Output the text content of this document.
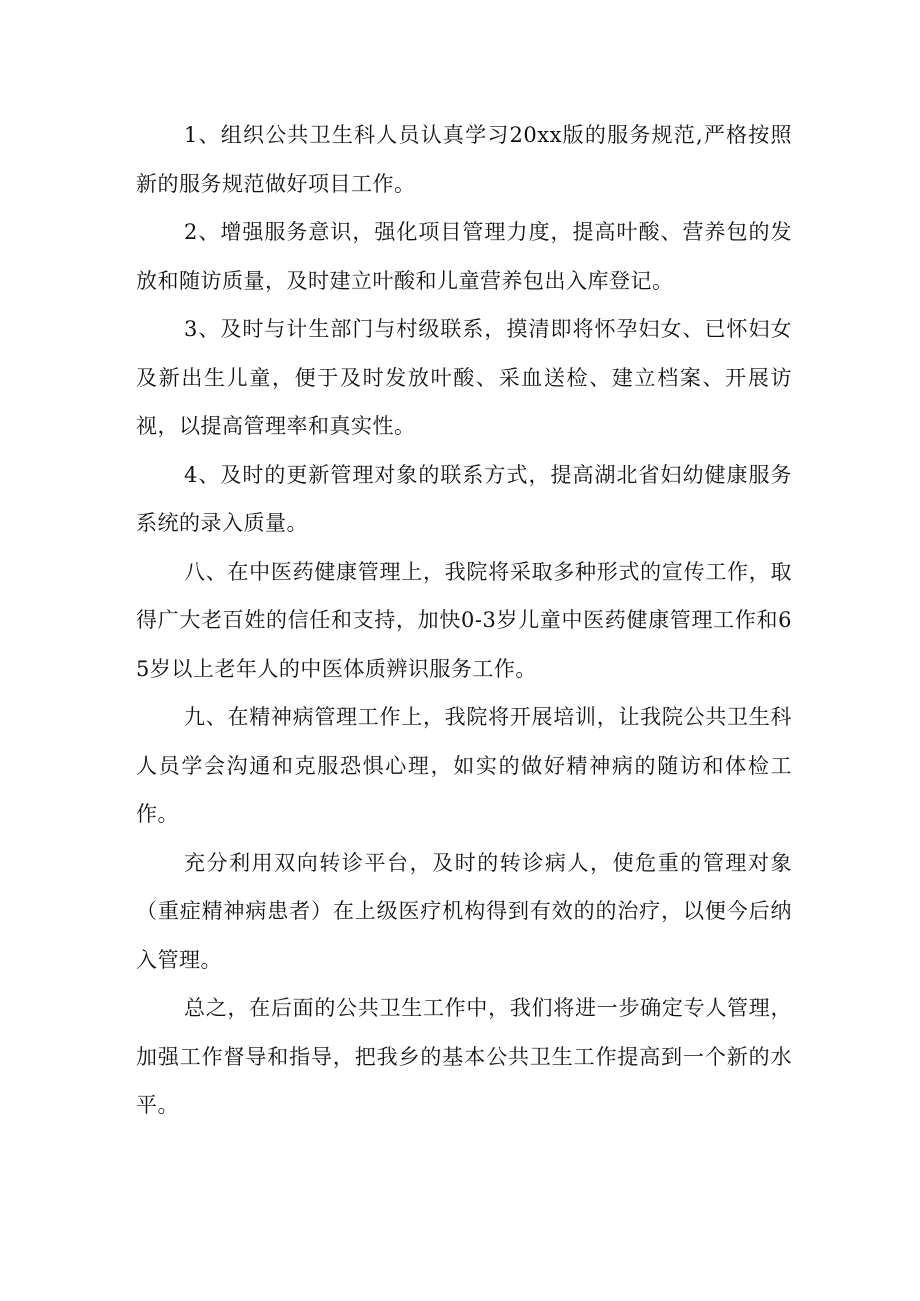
1、组织公共卫生科人员认真学习20xx版的服务规范,严格按照新的服务规范做好项目工作。

2、增强服务意识，强化项目管理力度，提高叶酸、营养包的发放和随访质量，及时建立叶酸和儿童营养包出入库登记。

3、及时与计生部门与村级联系，摸清即将怀孕妇女、已怀妇女及新出生儿童，便于及时发放叶酸、采血送检、建立档案、开展访视，以提高管理率和真实性。

4、及时的更新管理对象的联系方式，提高湖北省妇幼健康服务系统的录入质量。

八、在中医药健康管理上，我院将采取多种形式的宣传工作，取得广大老百姓的信任和支持，加快0-3岁儿童中医药健康管理工作和65岁以上老年人的中医体质辨识服务工作。

九、在精神病管理工作上，我院将开展培训，让我院公共卫生科人员学会沟通和克服恐惧心理，如实的做好精神病的随访和体检工作。

充分利用双向转诊平台，及时的转诊病人，使危重的管理对象（重症精神病患者）在上级医疗机构得到有效的的治疗，以便今后纳入管理。

总之，在后面的公共卫生工作中，我们将进一步确定专人管理，加强工作督导和指导，把我乡的基本公共卫生工作提高到一个新的水平。
